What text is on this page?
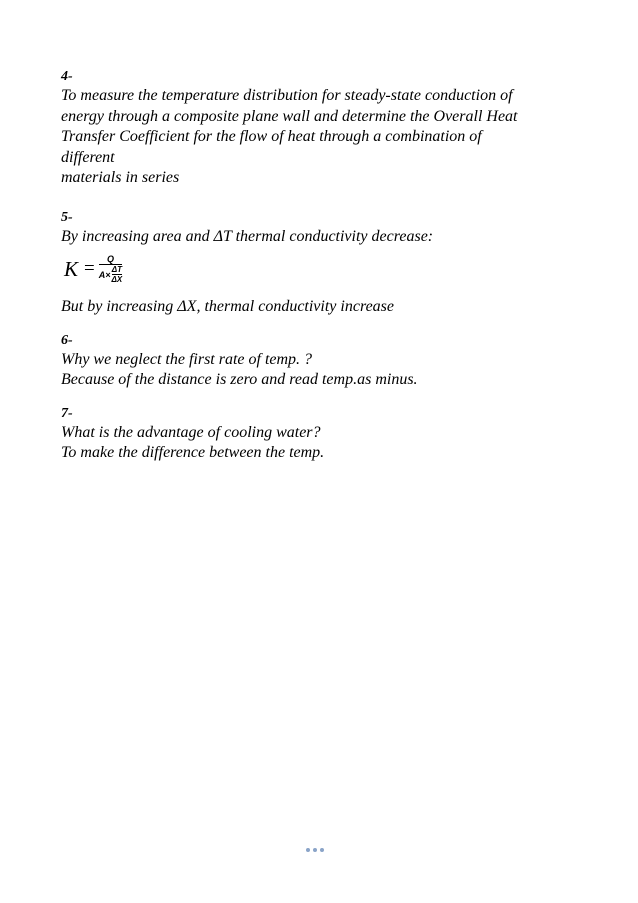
4-
To measure the temperature distribution for steady-state conduction of
energy through a composite plane wall and determine the Overall Heat
Transfer Coefficient for the flow of heat through a combination of
different
materials in series
5-
By increasing area and ΔT thermal conductivity decrease:
K =	Q
$A\times \frac{\Delta T}{\Delta X}$
But by increasing ΔX, thermal conductivity increase
6-
Why we neglect the first rate of temp. ?
Because of the distance is zero and read temp.as minus.
7-
What is the advantage of cooling water?
To make the difference between the temp.
